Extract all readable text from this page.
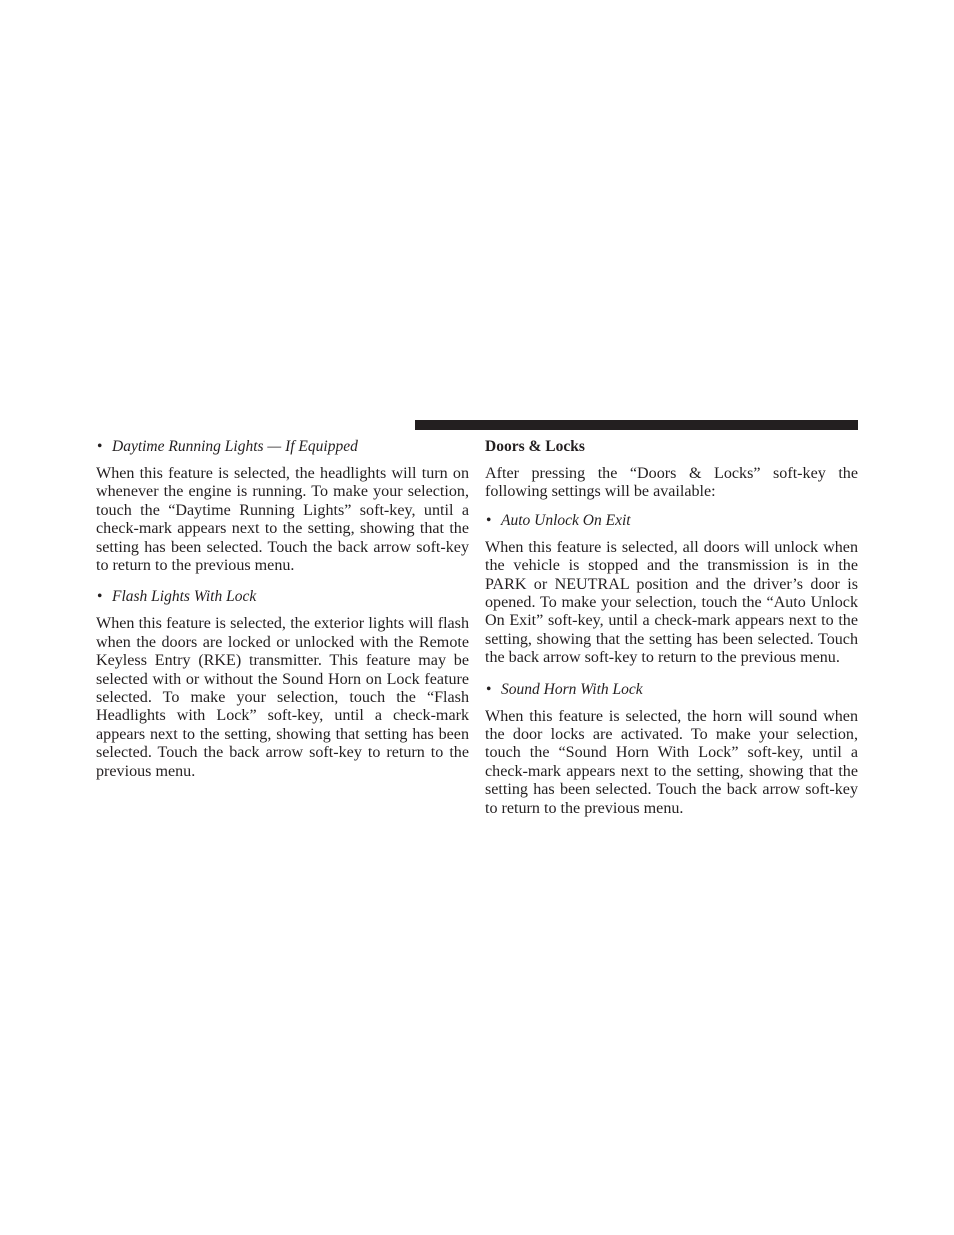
• Daytime Running Lights — If Equipped

When this feature is selected, the headlights will turn on whenever the engine is running. To make your selection, touch the “Daytime Running Lights” soft-key, until a check-mark appears next to the setting, showing that the setting has been selected. Touch the back arrow soft-key to return to the previous menu.

• Flash Lights With Lock

When this feature is selected, the exterior lights will flash when the doors are locked or unlocked with the Remote Keyless Entry (RKE) transmitter. This feature may be selected with or without the Sound Horn on Lock feature selected. To make your selection, touch the “Flash Headlights with Lock” soft-key, until a check-mark appears next to the setting, showing that setting has been selected. Touch the back arrow soft-key to return to the previous menu.

Doors & Locks

After pressing the “Doors & Locks” soft-key the following settings will be available:

• Auto Unlock On Exit

When this feature is selected, all doors will unlock when the vehicle is stopped and the transmission is in the PARK or NEUTRAL position and the driver’s door is opened. To make your selection, touch the “Auto Unlock On Exit” soft-key, until a check-mark appears next to the setting, showing that the setting has been selected. Touch the back arrow soft-key to return to the previous menu.

• Sound Horn With Lock

When this feature is selected, the horn will sound when the door locks are activated. To make your selection, touch the “Sound Horn With Lock” soft-key, until a check-mark appears next to the setting, showing that the setting has been selected. Touch the back arrow soft-key to return to the previous menu.
